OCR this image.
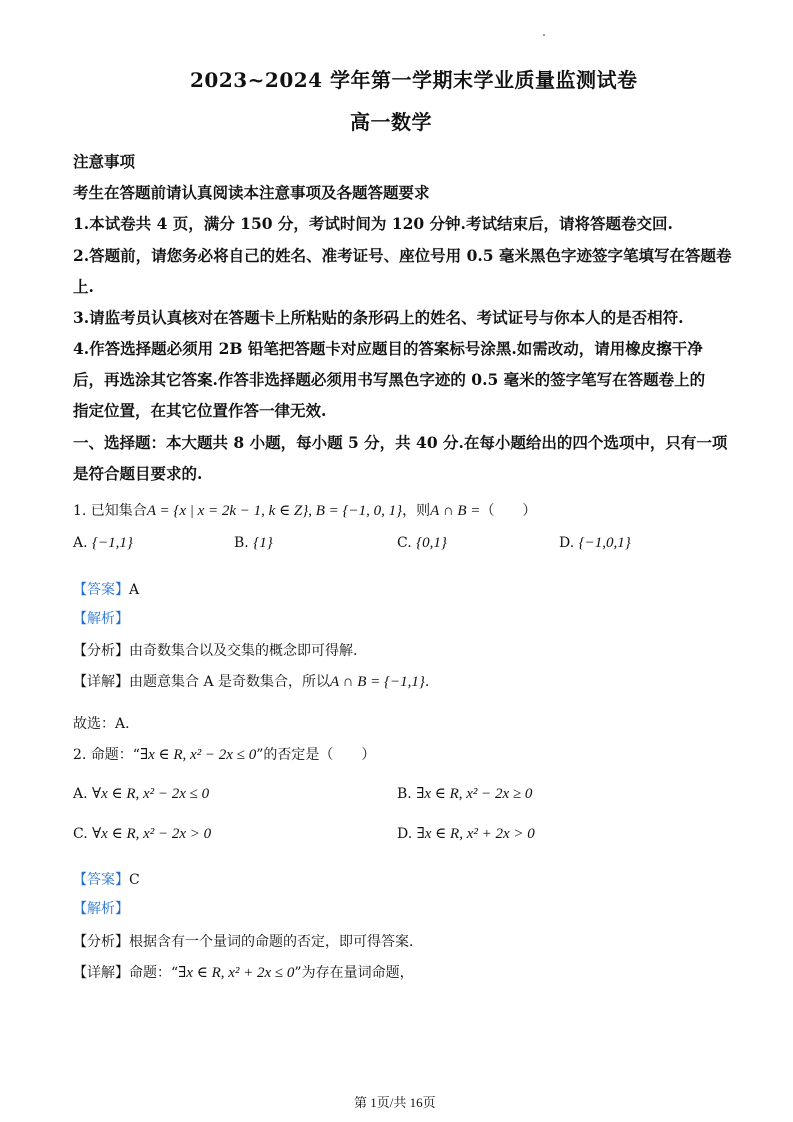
2023~2024 学年第一学期末学业质量监测试卷
高一数学
注意事项
考生在答题前请认真阅读本注意事项及各题答题要求
1.本试卷共 4 页，满分 150 分，考试时间为 120 分钟.考试结束后，请将答题卷交回.
2.答题前，请您务必将自己的姓名、准考证号、座位号用 0.5 毫米黑色字迹签字笔填写在答题卷
上.
3.请监考员认真核对在答题卡上所粘贴的条形码上的姓名、考试证号与你本人的是否相符.
4.作答选择题必须用 2B 铅笔把答题卡对应题目的答案标号涂黑.如需改动，请用橡皮擦干净
后，再选涂其它答案.作答非选择题必须用书写黑色字迹的 0.5 毫米的签字笔写在答题卷上的
指定位置，在其它位置作答一律无效.
一、选择题：本大题共 8 小题，每小题 5 分，共 40 分.在每小题给出的四个选项中，只有一项
是符合题目要求的.
1. 已知集合A = {x | x = 2k − 1, k ∈ Z}, B = {−1, 0, 1}，则A ∩ B =（　　）
A. {−1,1}	B. {1}	C. {0,1}	D. {−1,0,1}
【答案】A
【解析】
【分析】由奇数集合以及交集的概念即可得解.
【详解】由题意集合 A 是奇数集合，所以A ∩ B = {−1,1}.
故选：A.
2. 命题：“∃x ∈ R, x² − 2x ≤ 0”的否定是（　　）
A. ∀x ∈ R, x² − 2x ≤ 0	B. ∃x ∈ R, x² − 2x ≥ 0
C. ∀x ∈ R, x² − 2x > 0	D. ∃x ∈ R, x² + 2x > 0
【答案】C
【解析】
【分析】根据含有一个量词的命题的否定，即可得答案.
【详解】命题：“∃x ∈ R, x² + 2x ≤ 0”为存在量词命题，
第 1页/共 16页
